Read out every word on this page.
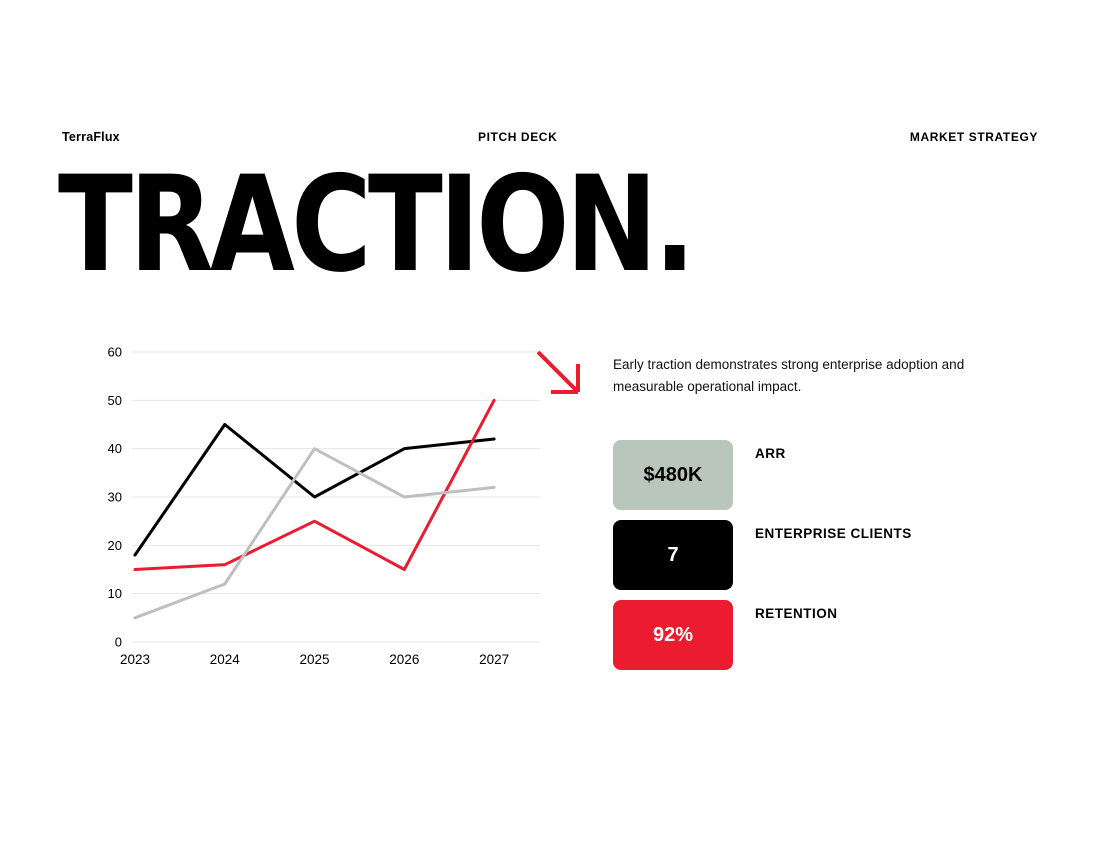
TerraFlux	PITCH DECK	MARKET STRATEGY
TRACTION.
0
10
20
30
40
50
60
2023	2024	2025	2026	2027
Early traction demonstrates strong enterprise adoption and measurable operational impact.
$480K
ARR
7
ENTERPRISE CLIENTS
92%
RETENTION
